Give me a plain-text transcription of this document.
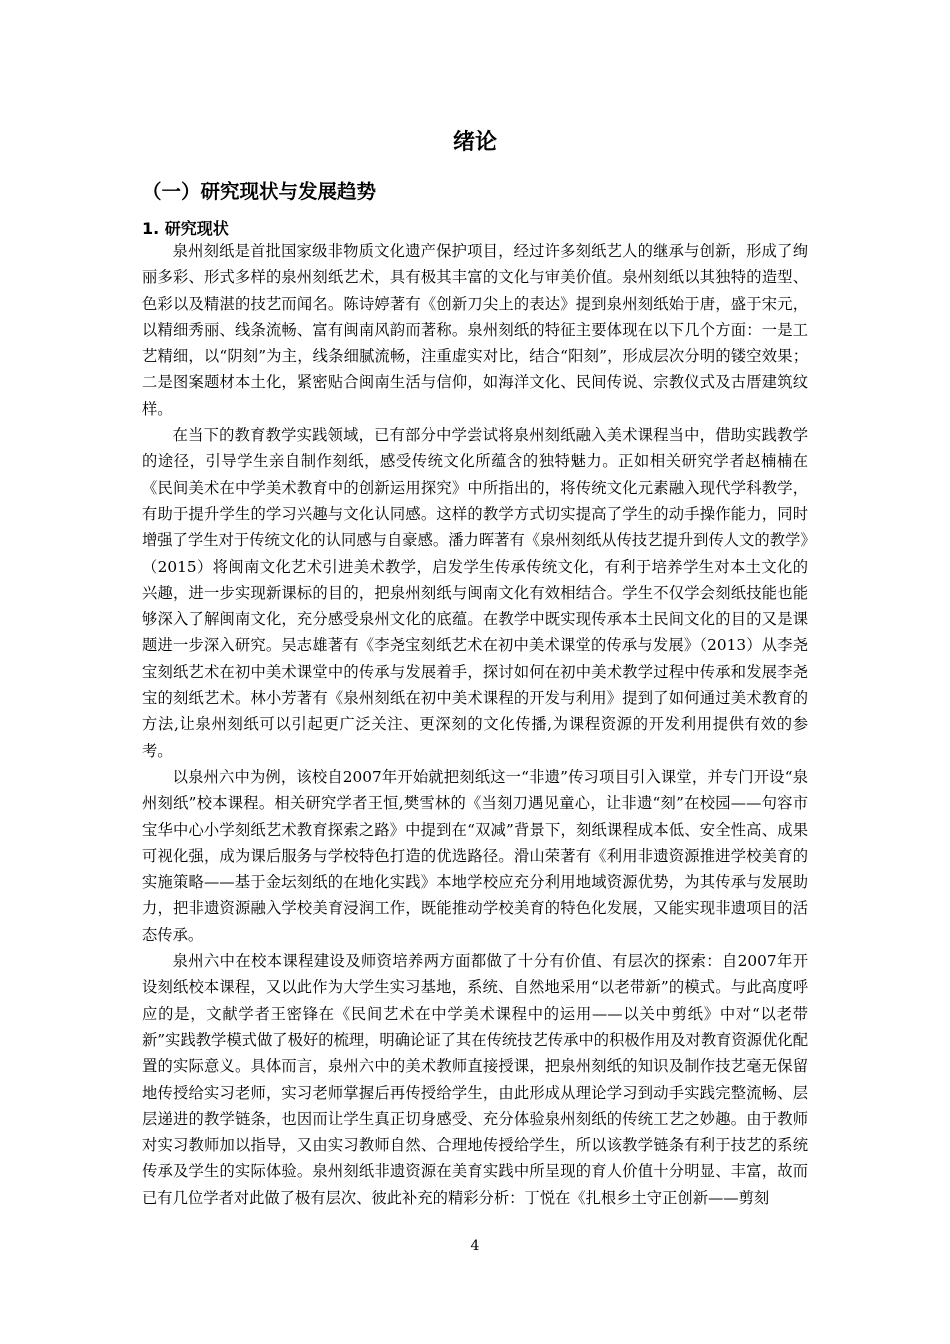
绪论
（一）研究现状与发展趋势
1. 研究现状

泉州刻纸是首批国家级非物质文化遗产保护项目，经过许多刻纸艺人的继承与创新，形成了绚丽多彩、形式多样的泉州刻纸艺术，具有极其丰富的文化与审美价值。泉州刻纸以其独特的造型、色彩以及精湛的技艺而闻名。陈诗婷著有《创新刀尖上的表达》提到泉州刻纸始于唐，盛于宋元，以精细秀丽、线条流畅、富有闽南风韵而著称。泉州刻纸的特征主要体现在以下几个方面：一是工艺精细，以“阴刻”为主，线条细腻流畅，注重虚实对比，结合“阳刻”，形成层次分明的镂空效果；二是图案题材本土化，紧密贴合闽南生活与信仰，如海洋文化、民间传说、宗教仪式及古厝建筑纹样。

在当下的教育教学实践领域，已有部分中学尝试将泉州刻纸融入美术课程当中，借助实践教学的途径，引导学生亲自制作刻纸，感受传统文化所蕴含的独特魅力。正如相关研究学者赵楠楠在《民间美术在中学美术教育中的创新运用探究》中所指出的，将传统文化元素融入现代学科教学，有助于提升学生的学习兴趣与文化认同感。这样的教学方式切实提高了学生的动手操作能力，同时增强了学生对于传统文化的认同感与自豪感。潘力晖著有《泉州刻纸从传技艺提升到传人文的教学》（2015）将闽南文化艺术引进美术教学，启发学生传承传统文化，有利于培养学生对本土文化的兴趣，进一步实现新课标的目的，把泉州刻纸与闽南文化有效相结合。学生不仅学会刻纸技能也能够深入了解闽南文化，充分感受泉州文化的底蕴。在教学中既实现传承本土民间文化的目的又是课题进一步深入研究。吴志雄著有《李尧宝刻纸艺术在初中美术课堂的传承与发展》（2013）从李尧宝刻纸艺术在初中美术课堂中的传承与发展着手，探讨如何在初中美术教学过程中传承和发展李尧宝的刻纸艺术。林小芳著有《泉州刻纸在初中美术课程的开发与利用》提到了如何通过美术教育的方法,让泉州刻纸可以引起更广泛关注、更深刻的文化传播,为课程资源的开发利用提供有效的参考。

以泉州六中为例，该校自2007年开始就把刻纸这一“非遗”传习项目引入课堂，并专门开设“泉州刻纸”校本课程。相关研究学者王恒,樊雪林的《当刻刀遇见童心，让非遗“刻”在校园——句容市宝华中心小学刻纸艺术教育探索之路》中提到在“双减”背景下，刻纸课程成本低、安全性高、成果可视化强，成为课后服务与学校特色打造的优选路径。滑山荣著有《利用非遗资源推进学校美育的实施策略——基于金坛刻纸的在地化实践》本地学校应充分利用地域资源优势，为其传承与发展助力，把非遗资源融入学校美育浸润工作，既能推动学校美育的特色化发展，又能实现非遗项目的活态传承。

泉州六中在校本课程建设及师资培养两方面都做了十分有价值、有层次的探索：自2007年开设刻纸校本课程，又以此作为大学生实习基地，系统、自然地采用“以老带新”的模式。与此高度呼应的是，文献学者王密锋在《民间艺术在中学美术课程中的运用——以关中剪纸》中对“以老带新”实践教学模式做了极好的梳理，明确论证了其在传统技艺传承中的积极作用及对教育资源优化配置的实际意义。具体而言，泉州六中的美术教师直接授课，把泉州刻纸的知识及制作技艺毫无保留地传授给实习老师，实习老师掌握后再传授给学生，由此形成从理论学习到动手实践完整流畅、层层递进的教学链条，也因而让学生真正切身感受、充分体验泉州刻纸的传统工艺之妙趣。由于教师对实习教师加以指导，又由实习教师自然、合理地传授给学生，所以该教学链条有利于技艺的系统传承及学生的实际体验。泉州刻纸非遗资源在美育实践中所呈现的育人价值十分明显、丰富，故而已有几位学者对此做了极有层次、彼此补充的精彩分析：丁悦在《扎根乡土守正创新——剪刻

4
